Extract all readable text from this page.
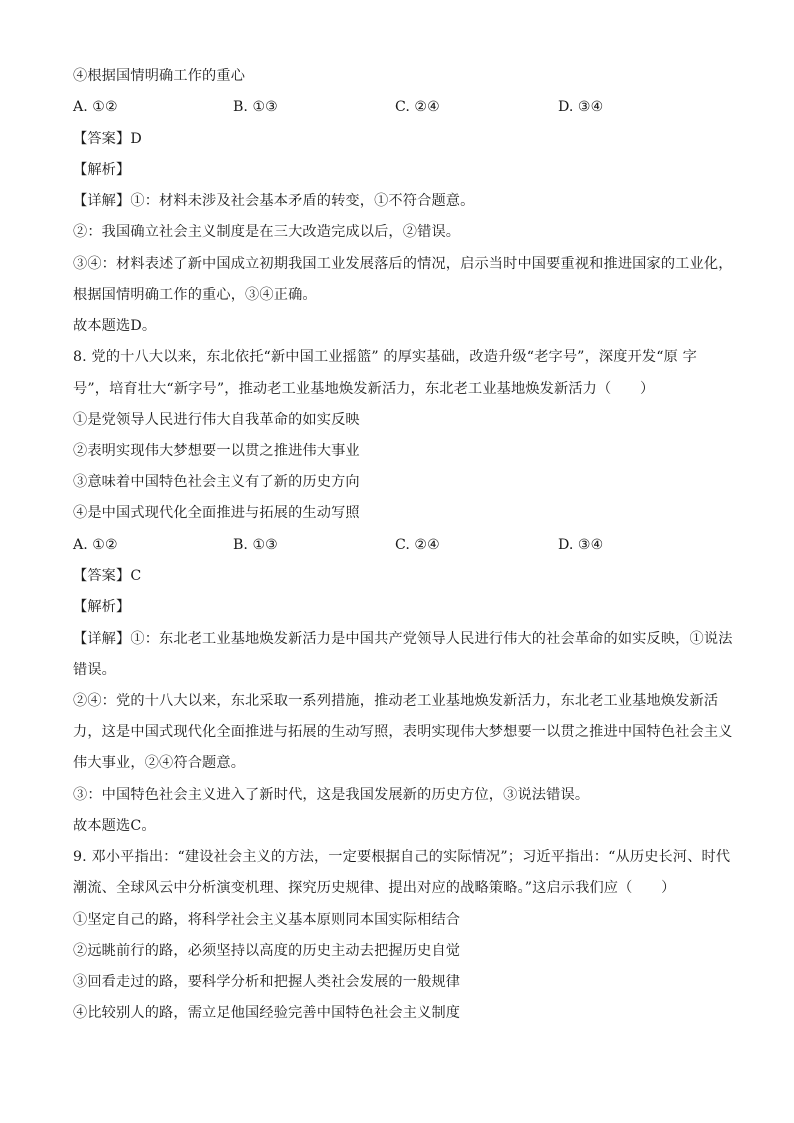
④根据国情明确工作的重心
A. ①②	B. ①③	C. ②④	D. ③④
【答案】D
【解析】
【详解】①：材料未涉及社会基本矛盾的转变，①不符合题意。
②：我国确立社会主义制度是在三大改造完成以后，②错误。
③④：材料表述了新中国成立初期我国工业发展落后的情况，启示当时中国要重视和推进国家的工业化，
根据国情明确工作的重心，③④正确。
故本题选D。
8. 党的十八大以来，东北依托“新中国工业摇篮” 的厚实基础，改造升级“老字号”，深度开发“原 字
号”，培育壮大“新字号”，推动老工业基地焕发新活力，东北老工业基地焕发新活力（　　）
①是党领导人民进行伟大自我革命的如实反映
②表明实现伟大梦想要一以贯之推进伟大事业
③意味着中国特色社会主义有了新的历史方向
④是中国式现代化全面推进与拓展的生动写照
A. ①②	B. ①③	C. ②④	D. ③④
【答案】C
【解析】
【详解】①：东北老工业基地焕发新活力是中国共产党领导人民进行伟大的社会革命的如实反映，①说法
错误。
②④：党的十八大以来，东北采取一系列措施，推动老工业基地焕发新活力，东北老工业基地焕发新活
力，这是中国式现代化全面推进与拓展的生动写照，表明实现伟大梦想要一以贯之推进中国特色社会主义
伟大事业，②④符合题意。
③：中国特色社会主义进入了新时代，这是我国发展新的历史方位，③说法错误。
故本题选C。
9. 邓小平指出：“建设社会主义的方法，一定要根据自己的实际情况”；习近平指出：“从历史长河、时代
潮流、全球风云中分析演变机理、探究历史规律、提出对应的战略策略。”这启示我们应（　　）
①坚定自己的路，将科学社会主义基本原则同本国实际相结合
②远眺前行的路，必须坚持以高度的历史主动去把握历史自觉
③回看走过的路，要科学分析和把握人类社会发展的一般规律
④比较别人的路，需立足他国经验完善中国特色社会主义制度
